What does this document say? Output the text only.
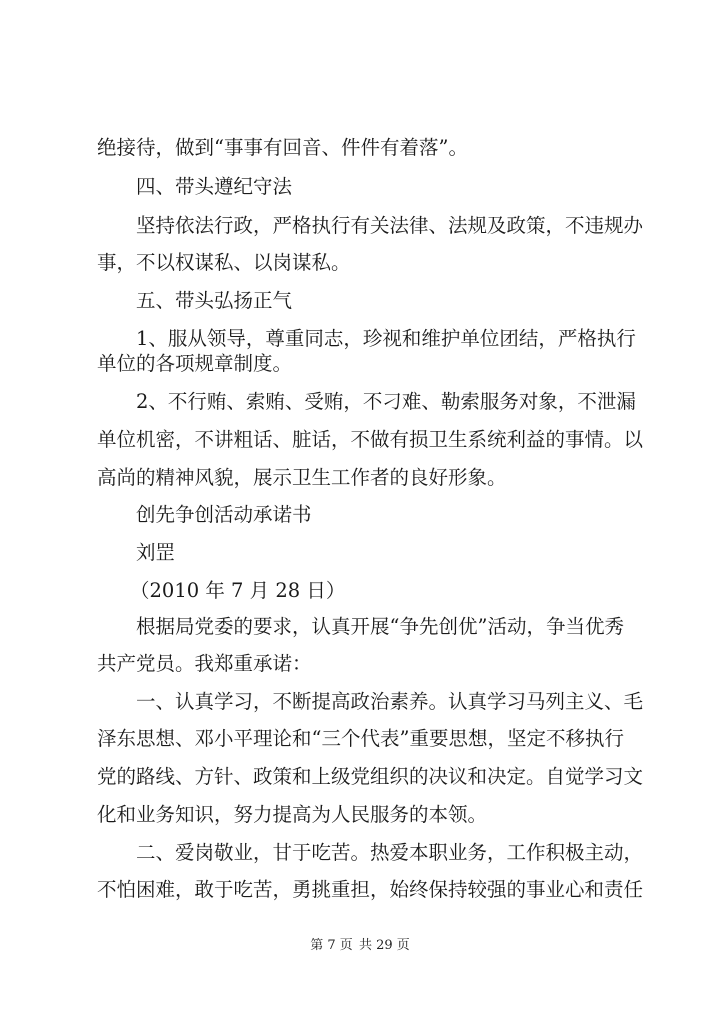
绝接待，做到“事事有回音、件件有着落”。
四、带头遵纪守法
坚持依法行政，严格执行有关法律、法规及政策，不违规办
事，不以权谋私、以岗谋私。
五、带头弘扬正气
1、服从领导，尊重同志，珍视和维护单位团结，严格执行
单位的各项规章制度。
2、不行贿、索贿、受贿，不刁难、勒索服务对象，不泄漏
单位机密，不讲粗话、脏话，不做有损卫生系统利益的事情。以
高尚的精神风貌，展示卫生工作者的良好形象。
创先争创活动承诺书
刘罡
（2010 年 7 月 28 日）
根据局党委的要求，认真开展“争先创优”活动，争当优秀
共产党员。我郑重承诺：
一、认真学习，不断提高政治素养。认真学习马列主义、毛
泽东思想、邓小平理论和“三个代表”重要思想，坚定不移执行
党的路线、方针、政策和上级党组织的决议和决定。自觉学习文
化和业务知识，努力提高为人民服务的本领。
二、爱岗敬业，甘于吃苦。热爱本职业务，工作积极主动，
不怕困难，敢于吃苦，勇挑重担，始终保持较强的事业心和责任
第 7 页 共 29 页
